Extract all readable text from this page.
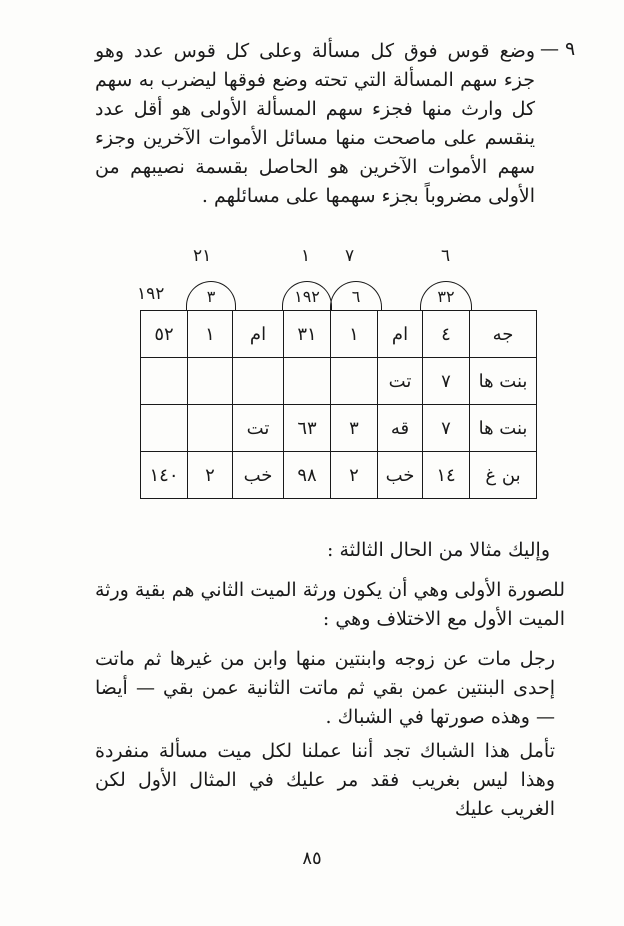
٩ —
وضع قوس فوق كل مسألة وعلى كل قوس عدد وهو جزء سهم المسألة التي تحته وضع فوقها ليضرب به سهم كل وارث منها فجزء سهم المسألة الأولى هو أقل عدد ينقسم على ماصحت منها مسائل الأموات الآخرين وجزء سهم الأموات الآخرين هو الحاصل بقسمة نصيبهم من الأولى مضروباً بجزء سهمها على مسائلهم .
٦
٧
١
٢١
٣٢
٦
١٩٢
٣
١٩٢
جه	٤	ام	١	٣١	ام	١	٥٢
بنت ها	٧	تت					
بنت ها	٧	قه	٣	٦٣	تت		
بن غ	١٤	خب	٢	٩٨	خب	٢	١٤٠
وإليك مثالا من الحال الثالثة :
للصورة الأولى وهي أن يكون ورثة الميت الثاني هم بقية ورثة الميت الأول مع الاختلاف وهي :
رجل مات عن زوجه وابنتين منها وابن من غيرها ثم ماتت إحدى البنتين عمن بقي ثم ماتت الثانية عمن بقي — أيضا — وهذه صورتها في الشباك .
تأمل هذا الشباك تجد أننا عملنا لكل ميت مسألة منفردة وهذا ليس بغريب فقد مر عليك في المثال الأول لكن الغريب عليك
٨٥
